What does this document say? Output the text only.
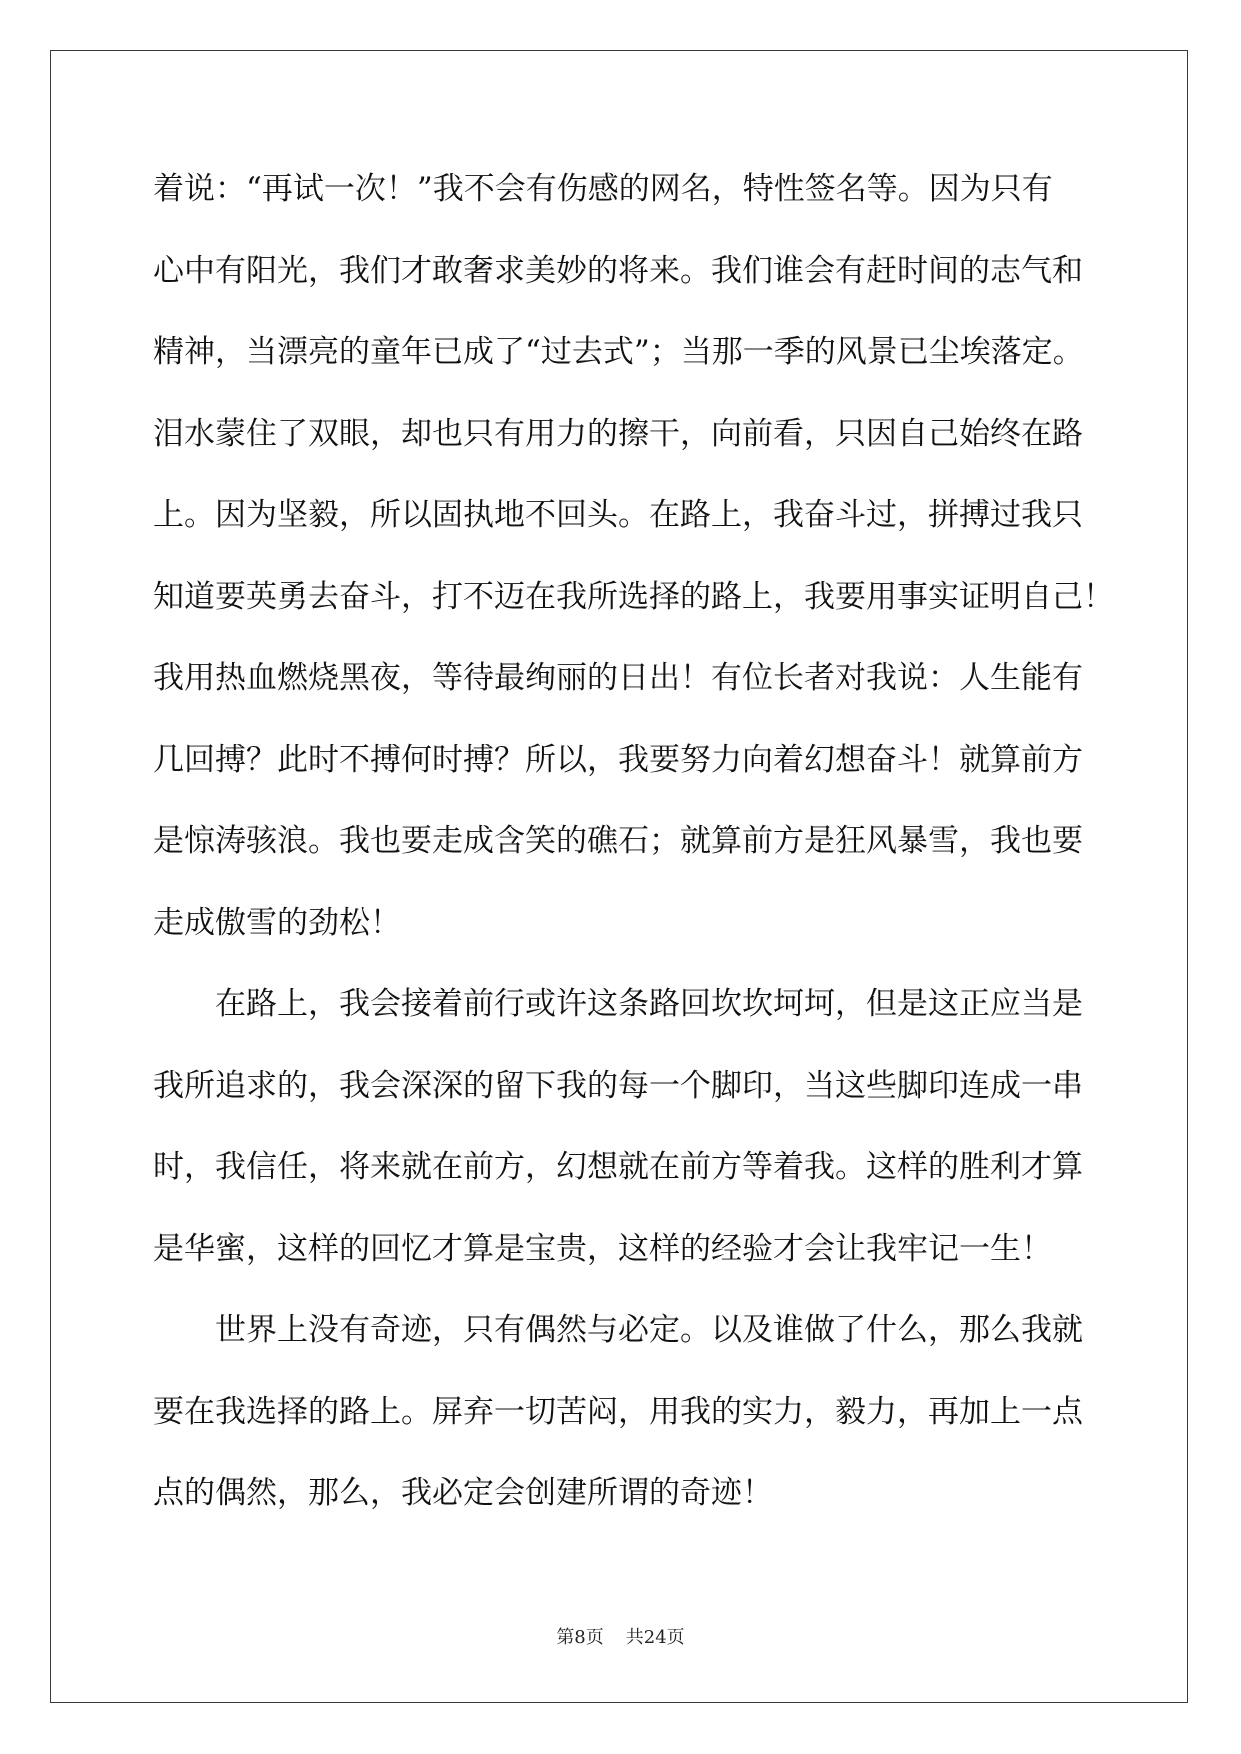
着说：“再试一次！”我不会有伤感的网名，特性签名等。因为只有
心中有阳光，我们才敢奢求美妙的将来。我们谁会有赶时间的志气和
精神，当漂亮的童年已成了“过去式”；当那一季的风景已尘埃落定。
泪水蒙住了双眼，却也只有用力的擦干，向前看，只因自己始终在路
上。因为坚毅，所以固执地不回头。在路上，我奋斗过，拼搏过我只
知道要英勇去奋斗，打不迈在我所选择的路上，我要用事实证明自己！
我用热血燃烧黑夜，等待最绚丽的日出！有位长者对我说：人生能有
几回搏？此时不搏何时搏？所以，我要努力向着幻想奋斗！就算前方
是惊涛骇浪。我也要走成含笑的礁石；就算前方是狂风暴雪，我也要
走成傲雪的劲松！
在路上，我会接着前行或许这条路回坎坎坷坷，但是这正应当是
我所追求的，我会深深的留下我的每一个脚印，当这些脚印连成一串
时，我信任，将来就在前方，幻想就在前方等着我。这样的胜利才算
是华蜜，这样的回忆才算是宝贵，这样的经验才会让我牢记一生！
世界上没有奇迹，只有偶然与必定。以及谁做了什么，那么我就
要在我选择的路上。屏弃一切苦闷，用我的实力，毅力，再加上一点
点的偶然，那么，我必定会创建所谓的奇迹！
第8页 共24页
